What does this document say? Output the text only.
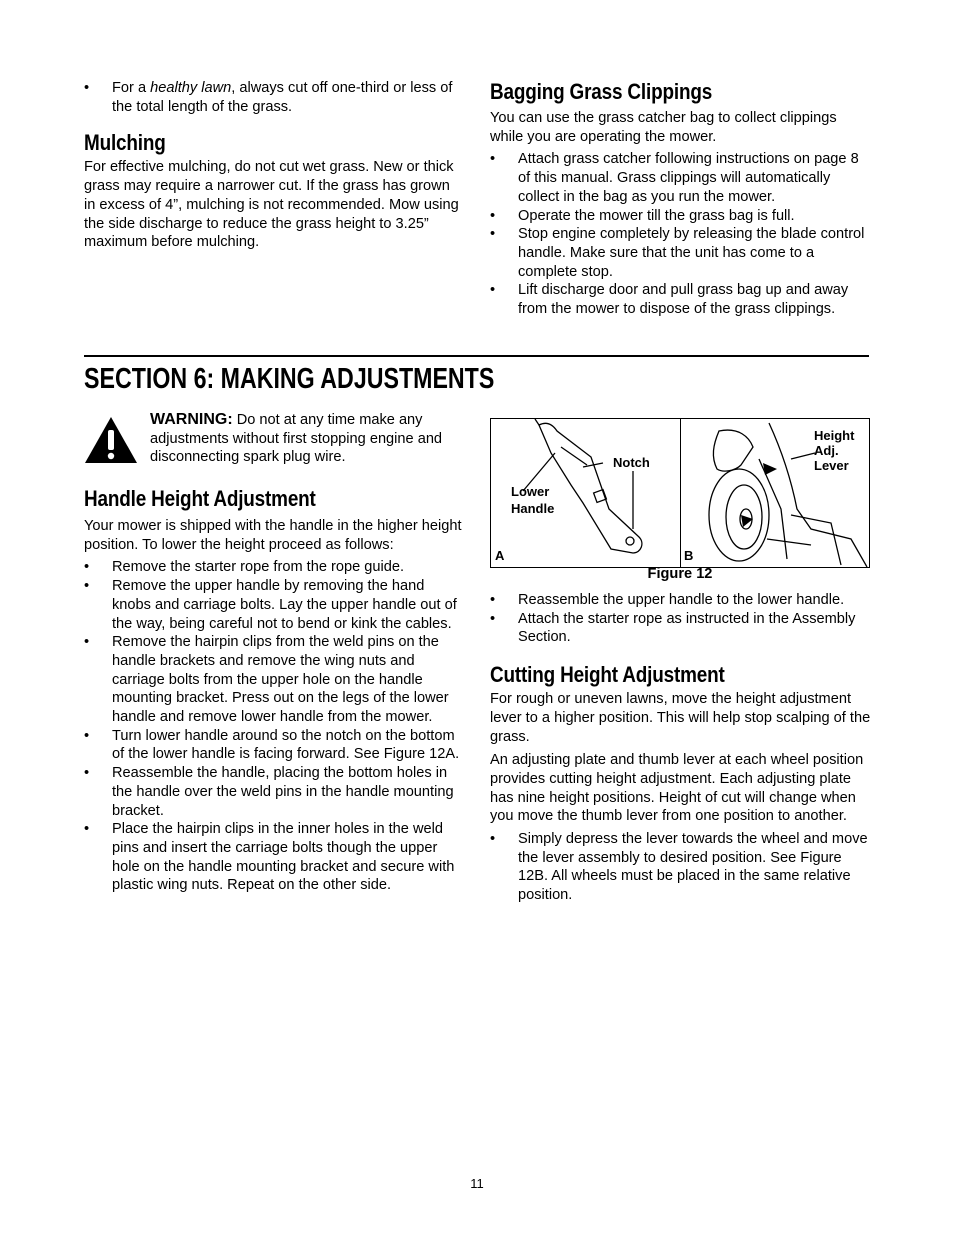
• For a healthy lawn, always cut off one-third or less of the total length of the grass.
Mulching

For effective mulching, do not cut wet grass. New or thick grass may require a narrower cut. If the grass has grown in excess of 4”, mulching is not recommended. Mow using the side discharge to reduce the grass height to 3.25” maximum before mulching.

Bagging Grass Clippings

You can use the grass catcher bag to collect clippings while you are operating the mower.

• Attach grass catcher following instructions on page 8 of this manual. Grass clippings will automatically collect in the bag as you run the mower.
• Operate the mower till the grass bag is full.
• Stop engine completely by releasing the blade control handle. Make sure that the unit has come to a complete stop.
• Lift discharge door and pull grass bag up and away from the mower to dispose of the grass clippings.
SECTION 6: MAKING ADJUSTMENTS
WARNING: Do not at any time make any adjustments without first stopping engine and disconnecting spark plug wire.
Handle Height Adjustment

Your mower is shipped with the handle in the higher height position. To lower the height proceed as follows:

• Remove the starter rope from the rope guide.
• Remove the upper handle by removing the hand knobs and carriage bolts. Lay the upper handle out of the way, being careful not to bend or kink the cables.
• Remove the hairpin clips from the weld pins on the handle brackets and remove the wing nuts and carriage bolts from the upper hole on the handle mounting bracket. Press out on the legs of the lower handle and remove lower handle from the mower.
• Turn lower handle around so the notch on the bottom of the lower handle is facing forward. See Figure 12A.
• Reassemble the handle, placing the bottom holes in the handle over the weld pins in the handle mounting bracket.
• Place the hairpin clips in the inner holes in the weld pins and insert the carriage bolts though the upper hole on the handle mounting bracket and secure with plastic wing nuts. Repeat on the other side.
Notch
Lower
Handle
Height
Adj.
Lever
A	B
Figure 12
• Reassemble the upper handle to the lower handle.
• Attach the starter rope as instructed in the Assembly Section.
Cutting Height Adjustment

For rough or uneven lawns, move the height adjustment lever to a higher position. This will help stop scalping of the grass.

An adjusting plate and thumb lever at each wheel position provides cutting height adjustment. Each adjusting plate has nine height positions. Height of cut will change when you move the thumb lever from one position to another.

• Simply depress the lever towards the wheel and move the lever assembly to desired position. See Figure 12B. All wheels must be placed in the same relative position.
11
